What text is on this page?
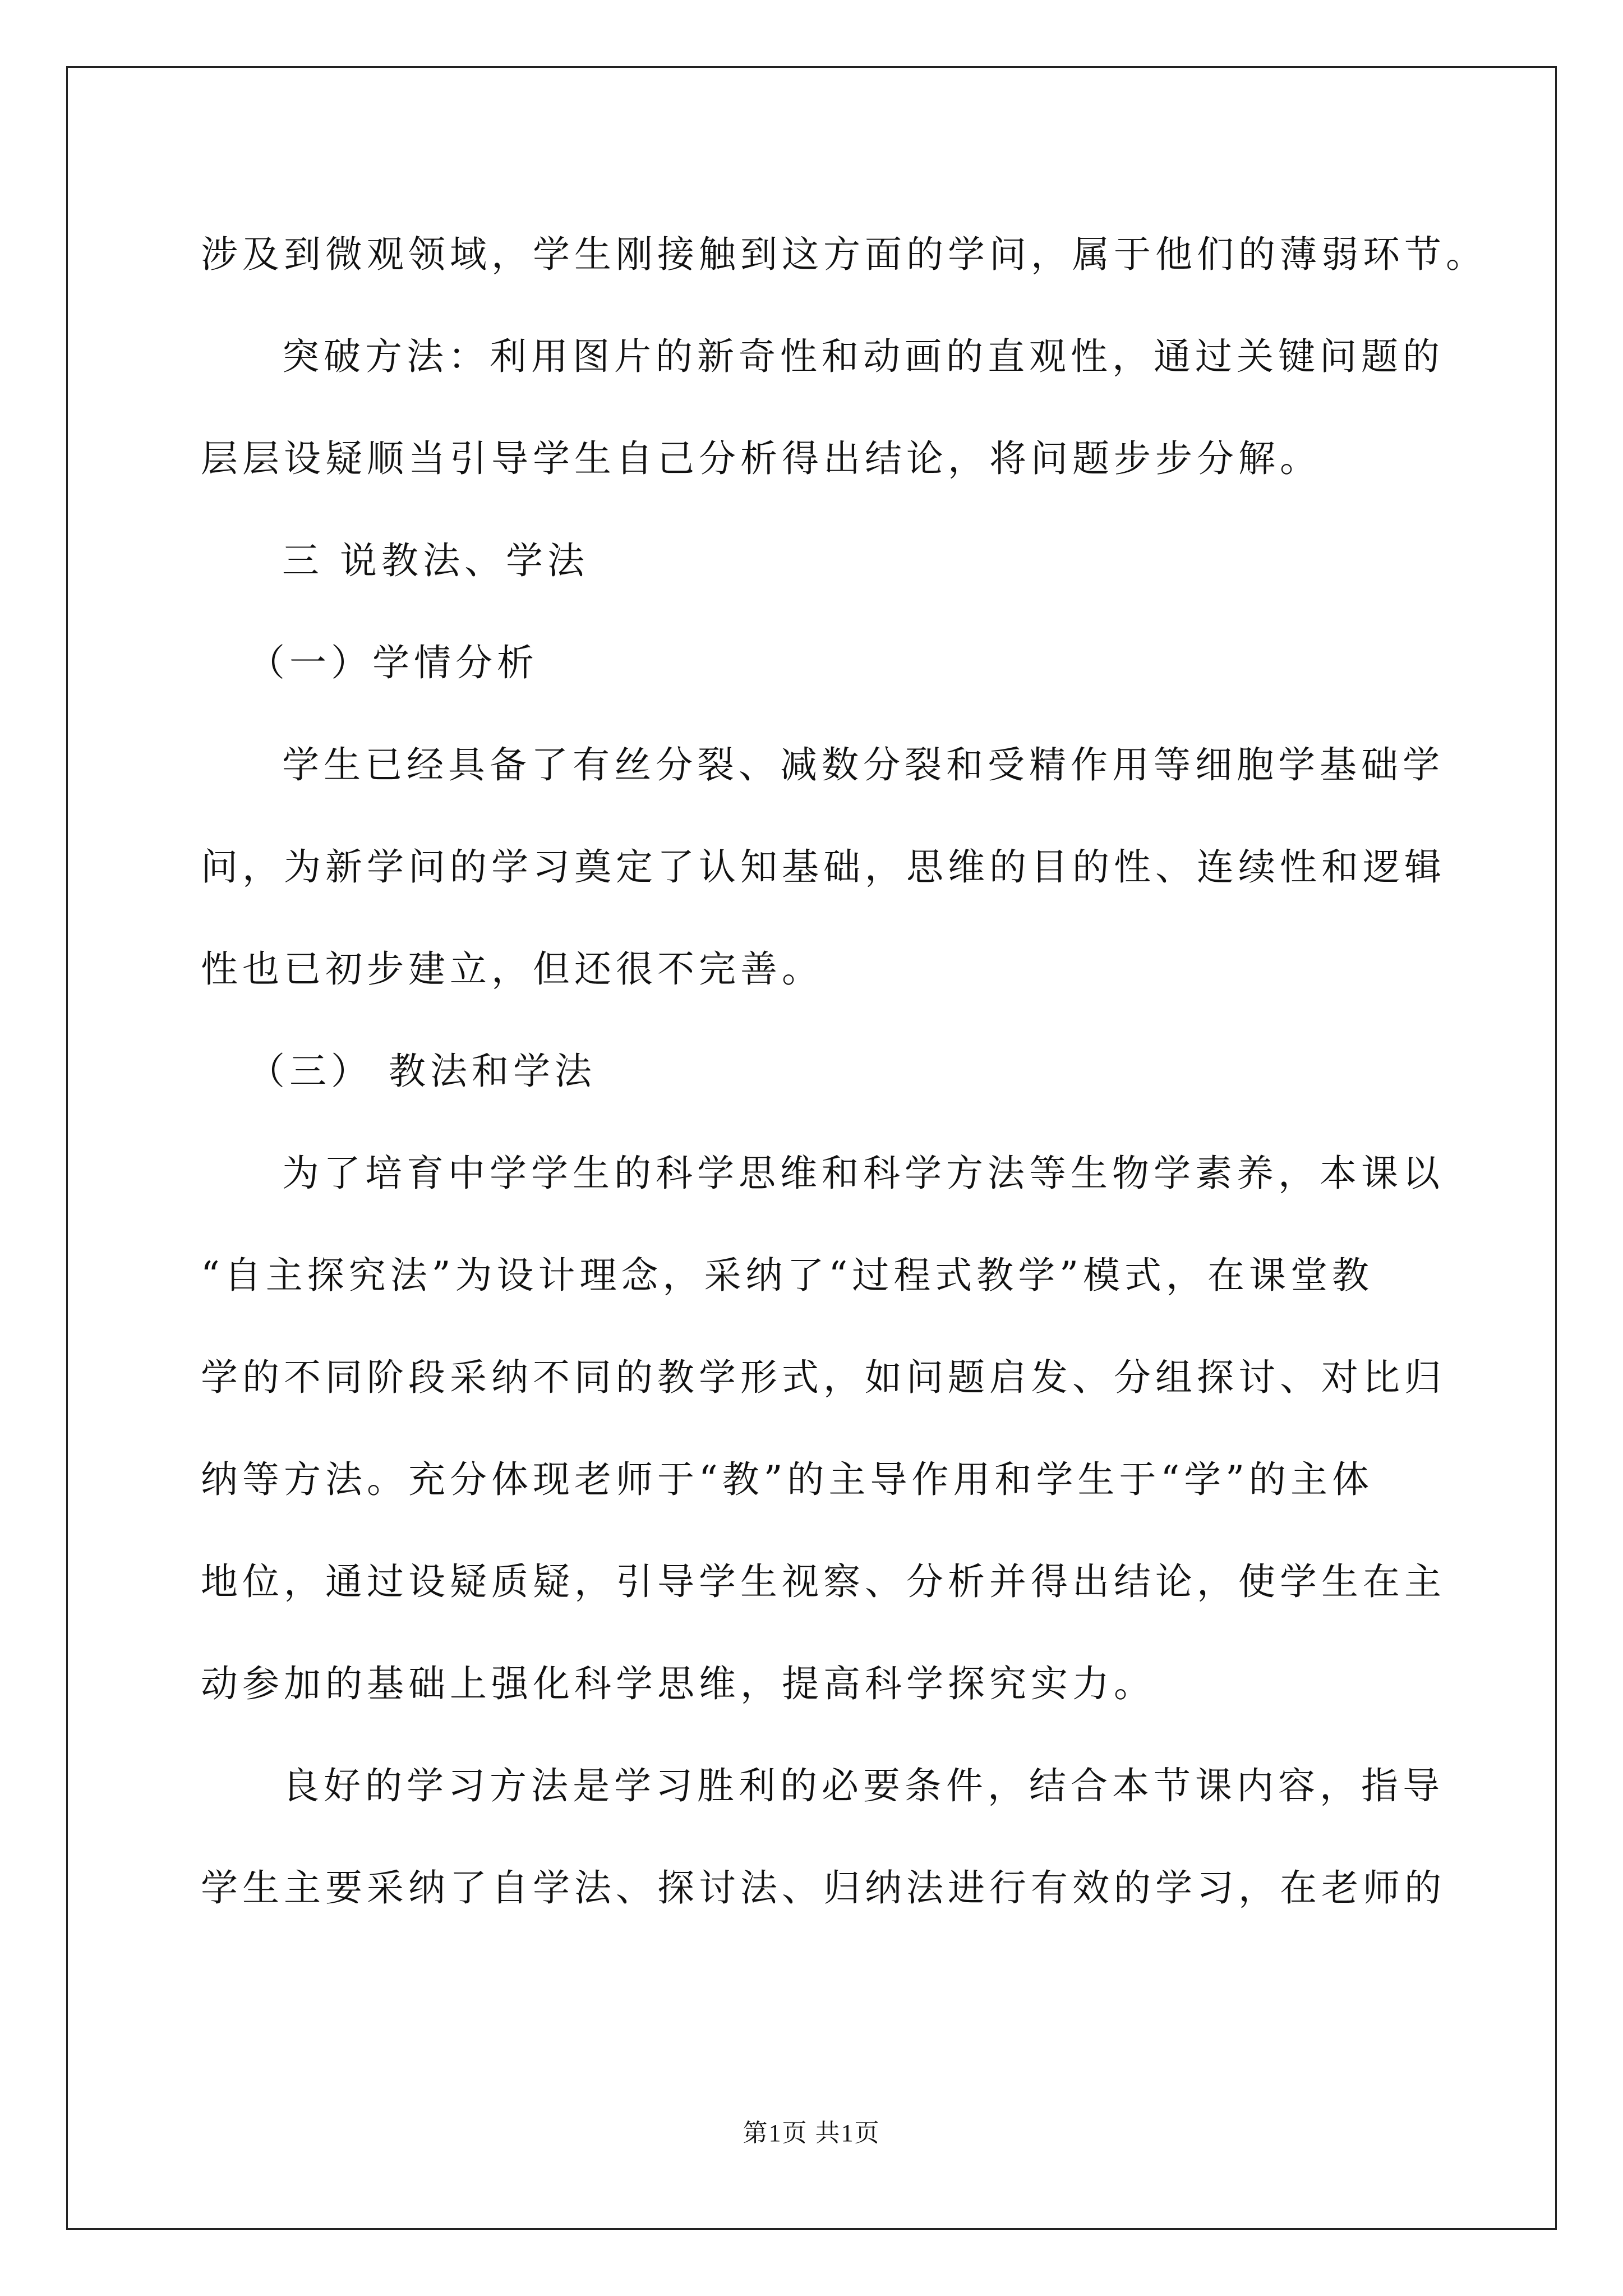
涉及到微观领域，学生刚接触到这方面的学问，属于他们的薄弱环节。
突破方法：利用图片的新奇性和动画的直观性，通过关键问题的
层层设疑顺当引导学生自己分析得出结论，将问题步步分解。
三 说教法、学法
（一）学情分析
学生已经具备了有丝分裂、减数分裂和受精作用等细胞学基础学
问，为新学问的学习奠定了认知基础，思维的目的性、连续性和逻辑
性也已初步建立，但还很不完善。
（三） 教法和学法
为了培育中学学生的科学思维和科学方法等生物学素养，本课以
“自主探究法”为设计理念，采纳了“过程式教学”模式，在课堂教
学的不同阶段采纳不同的教学形式，如问题启发、分组探讨、对比归
纳等方法。充分体现老师于“教”的主导作用和学生于“学”的主体
地位，通过设疑质疑，引导学生视察、分析并得出结论，使学生在主
动参加的基础上强化科学思维，提高科学探究实力。
良好的学习方法是学习胜利的必要条件，结合本节课内容，指导
学生主要采纳了自学法、探讨法、归纳法进行有效的学习，在老师的
第1页 共1页
